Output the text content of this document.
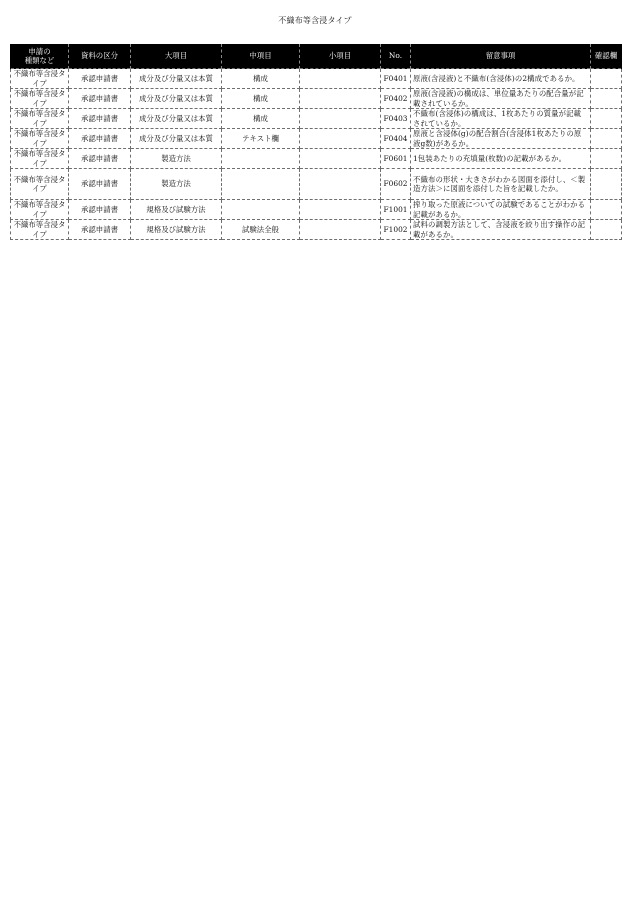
不織布等含浸タイプ
申請の
種類など	資料の区分	大項目	中項目	小項目	No.	留意事項	確認欄
不織布等含浸タイプ	承認申請書	成分及び分量又は本質	構成		F0401	原液(含浸液)と不織布(含浸体)の2構成であるか。	

不織布等含浸タイプ	承認申請書	成分及び分量又は本質	構成		F0402	原液(含浸液)の構成は、単位量あたりの配合量が記載されているか。	

不織布等含浸タイプ	承認申請書	成分及び分量又は本質	構成		F0403	不織布(含浸体)の構成は、1枚あたりの質量が記載されているか。	

不織布等含浸タイプ	承認申請書	成分及び分量又は本質	テキスト欄		F0404	原液と含浸体(g)の配合割合(含浸体1枚あたりの原液g数)があるか。	

不織布等含浸タイプ	承認申請書	製造方法			F0601	1包装あたりの充填量(枚数)の記載があるか。	

不織布等含浸タイプ	承認申請書	製造方法			F0602	不織布の形状・大きさがわかる図面を添付し、＜製造方法＞に図面を添付した旨を記載したか。	

不織布等含浸タイプ	承認申請書	規格及び試験方法			F1001	搾り取った原液についての試験であることがわかる記載があるか。	

不織布等含浸タイプ	承認申請書	規格及び試験方法	試験法全般		F1002	試料の調製方法として、含浸液を絞り出す操作の記載があるか。	
